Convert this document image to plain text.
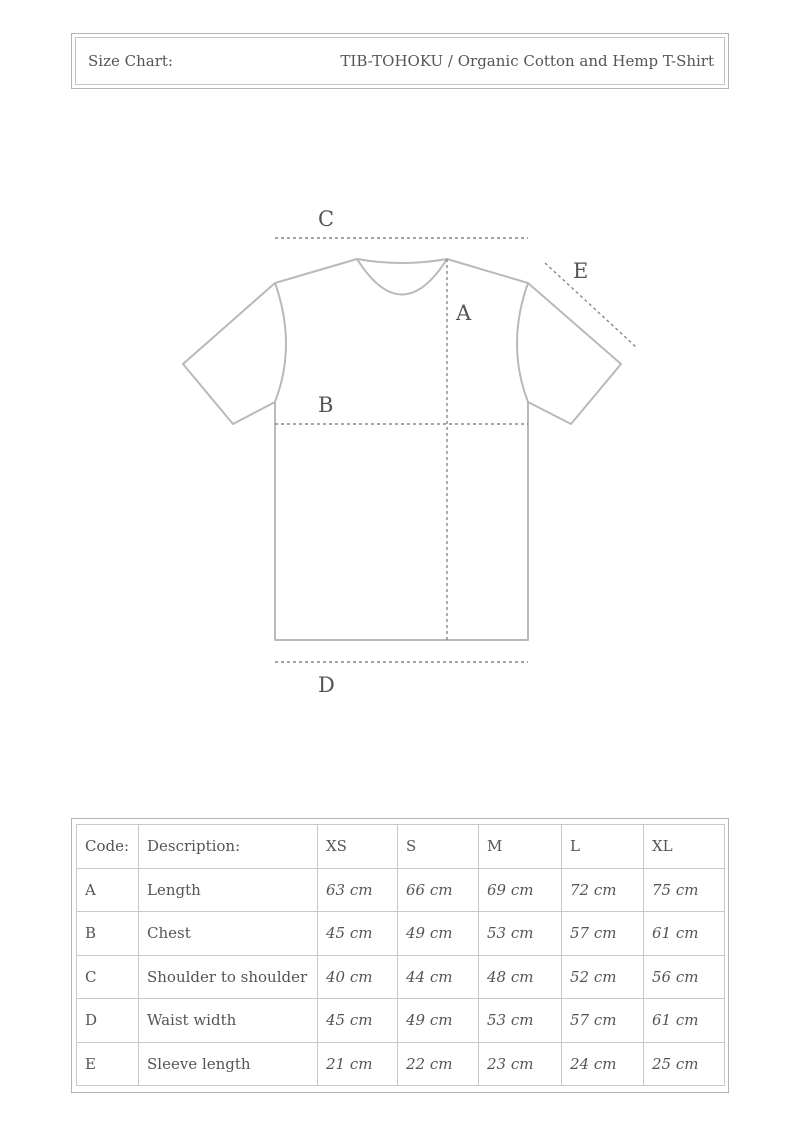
Size Chart:	TIB-TOHOKU / Organic Cotton and Hemp T-Shirt
A
B
C
D
E
Code:	Description:	XS	S	M	L	XL
A	Length	63 cm	66 cm	69 cm	72 cm	75 cm
B	Chest	45 cm	49 cm	53 cm	57 cm	61 cm
C	Shoulder to shoulder	40 cm	44 cm	48 cm	52 cm	56 cm
D	Waist width	45 cm	49 cm	53 cm	57 cm	61 cm
E	Sleeve length	21 cm	22 cm	23 cm	24 cm	25 cm
